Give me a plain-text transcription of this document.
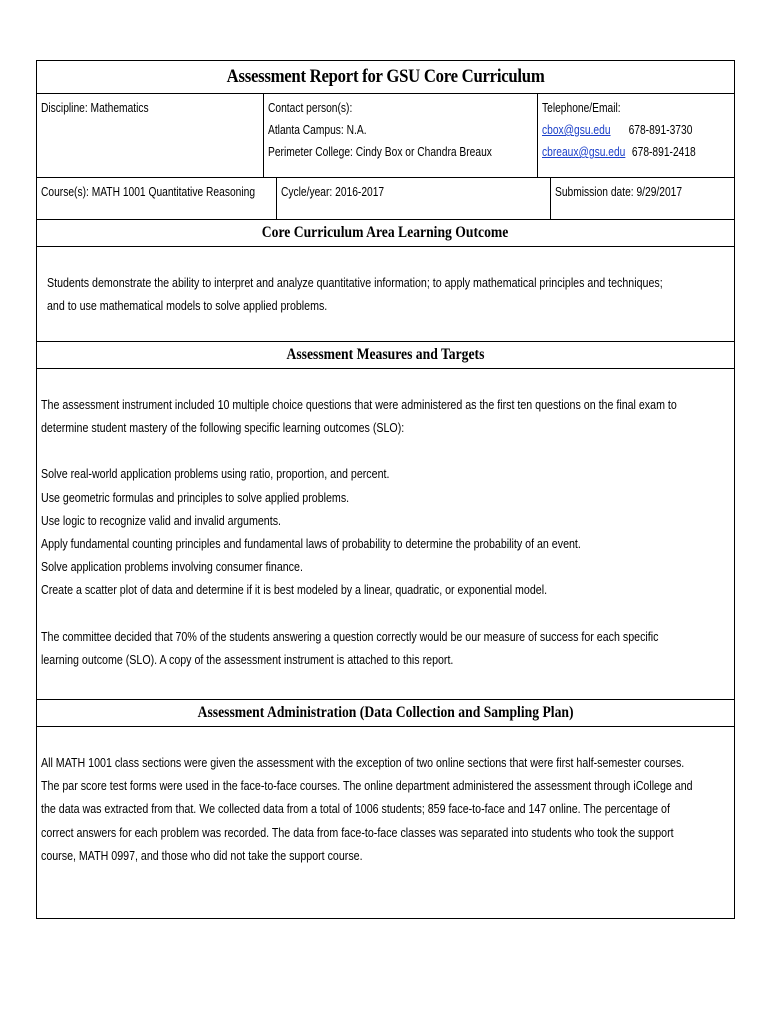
Assessment Report for GSU Core Curriculum
Discipline: Mathematics	Contact person(s):
Atlanta Campus: N.A.
Perimeter College: Cindy Box or Chandra Breaux
Telephone/Email:
cbox@gsu.edu 678-891-3730
cbreaux@gsu.edu 678-891-2418
Course(s): MATH 1001 Quantitative Reasoning	Cycle/year: 2016-2017	Submission date: 9/29/2017
Core Curriculum Area Learning Outcome
Students demonstrate the ability to interpret and analyze quantitative information; to apply mathematical principles and techniques;
and to use mathematical models to solve applied problems.
Assessment Measures and Targets
The assessment instrument included 10 multiple choice questions that were administered as the first ten questions on the final exam to
determine student mastery of the following specific learning outcomes (SLO):
Solve real-world application problems using ratio, proportion, and percent.
Use geometric formulas and principles to solve applied problems.
Use logic to recognize valid and invalid arguments.
Apply fundamental counting principles and fundamental laws of probability to determine the probability of an event.
Solve application problems involving consumer finance.
Create a scatter plot of data and determine if it is best modeled by a linear, quadratic, or exponential model.
The committee decided that 70% of the students answering a question correctly would be our measure of success for each specific
learning outcome (SLO). A copy of the assessment instrument is attached to this report.
Assessment Administration (Data Collection and Sampling Plan)
All MATH 1001 class sections were given the assessment with the exception of two online sections that were first half-semester courses.
The par score test forms were used in the face-to-face courses. The online department administered the assessment through iCollege and
the data was extracted from that. We collected data from a total of 1006 students; 859 face-to-face and 147 online. The percentage of
correct answers for each problem was recorded. The data from face-to-face classes was separated into students who took the support
course, MATH 0997, and those who did not take the support course.
